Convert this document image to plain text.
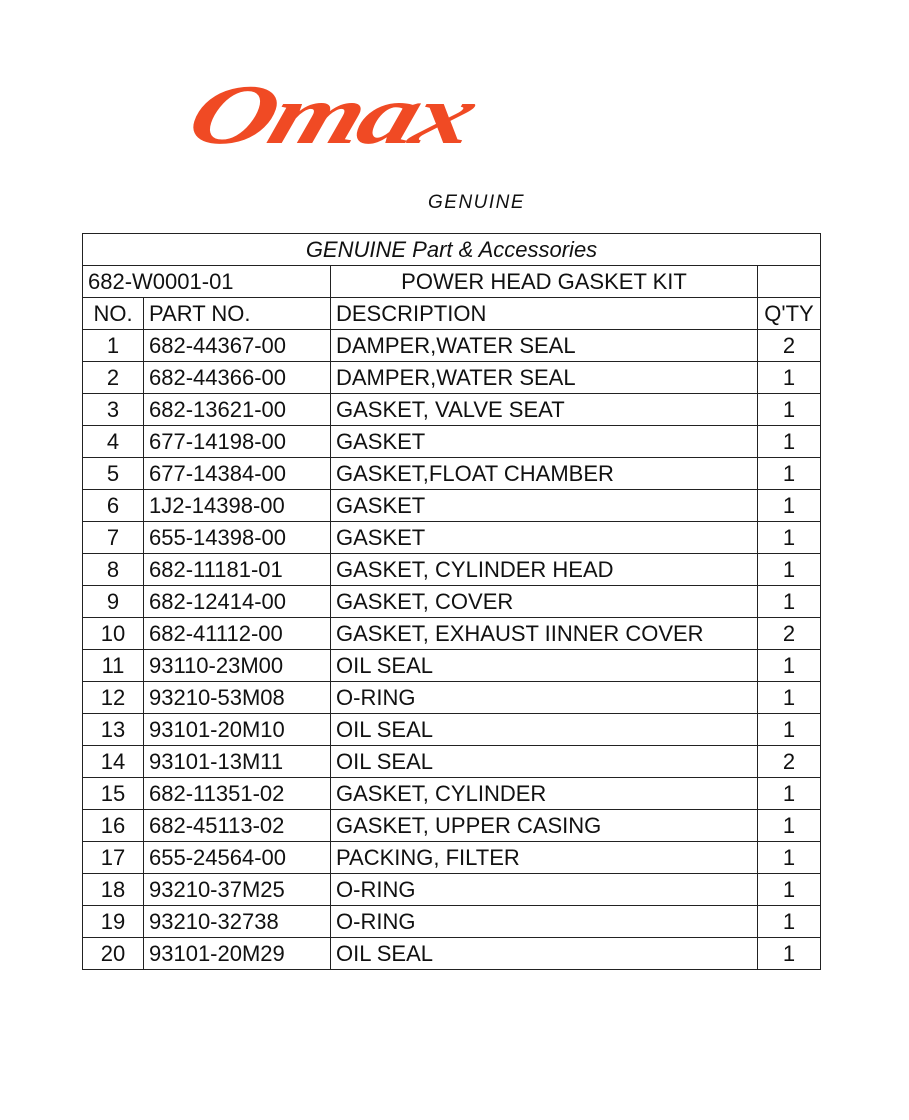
Omax
GENUINE
GENUINE Part & Accessories			
682-W0001-01		POWER HEAD GASKET KIT	
NO.	PART NO.	DESCRIPTION	Q'TY
1	682-44367-00	DAMPER,WATER SEAL	2
2	682-44366-00	DAMPER,WATER SEAL	1
3	682-13621-00	GASKET, VALVE SEAT	1
4	677-14198-00	GASKET	1
5	677-14384-00	GASKET,FLOAT CHAMBER	1
6	1J2-14398-00	GASKET	1
7	655-14398-00	GASKET	1
8	682-11181-01	GASKET, CYLINDER HEAD	1
9	682-12414-00	GASKET, COVER	1
10	682-41112-00	GASKET, EXHAUST IINNER COVER	2
11	93110-23M00	OIL SEAL	1
12	93210-53M08	O-RING	1
13	93101-20M10	OIL SEAL	1
14	93101-13M11	OIL SEAL	2
15	682-11351-02	GASKET, CYLINDER	1
16	682-45113-02	GASKET, UPPER CASING	1
17	655-24564-00	PACKING, FILTER	1
18	93210-37M25	O-RING	1
19	93210-32738	O-RING	1
20	93101-20M29	OIL SEAL	1
